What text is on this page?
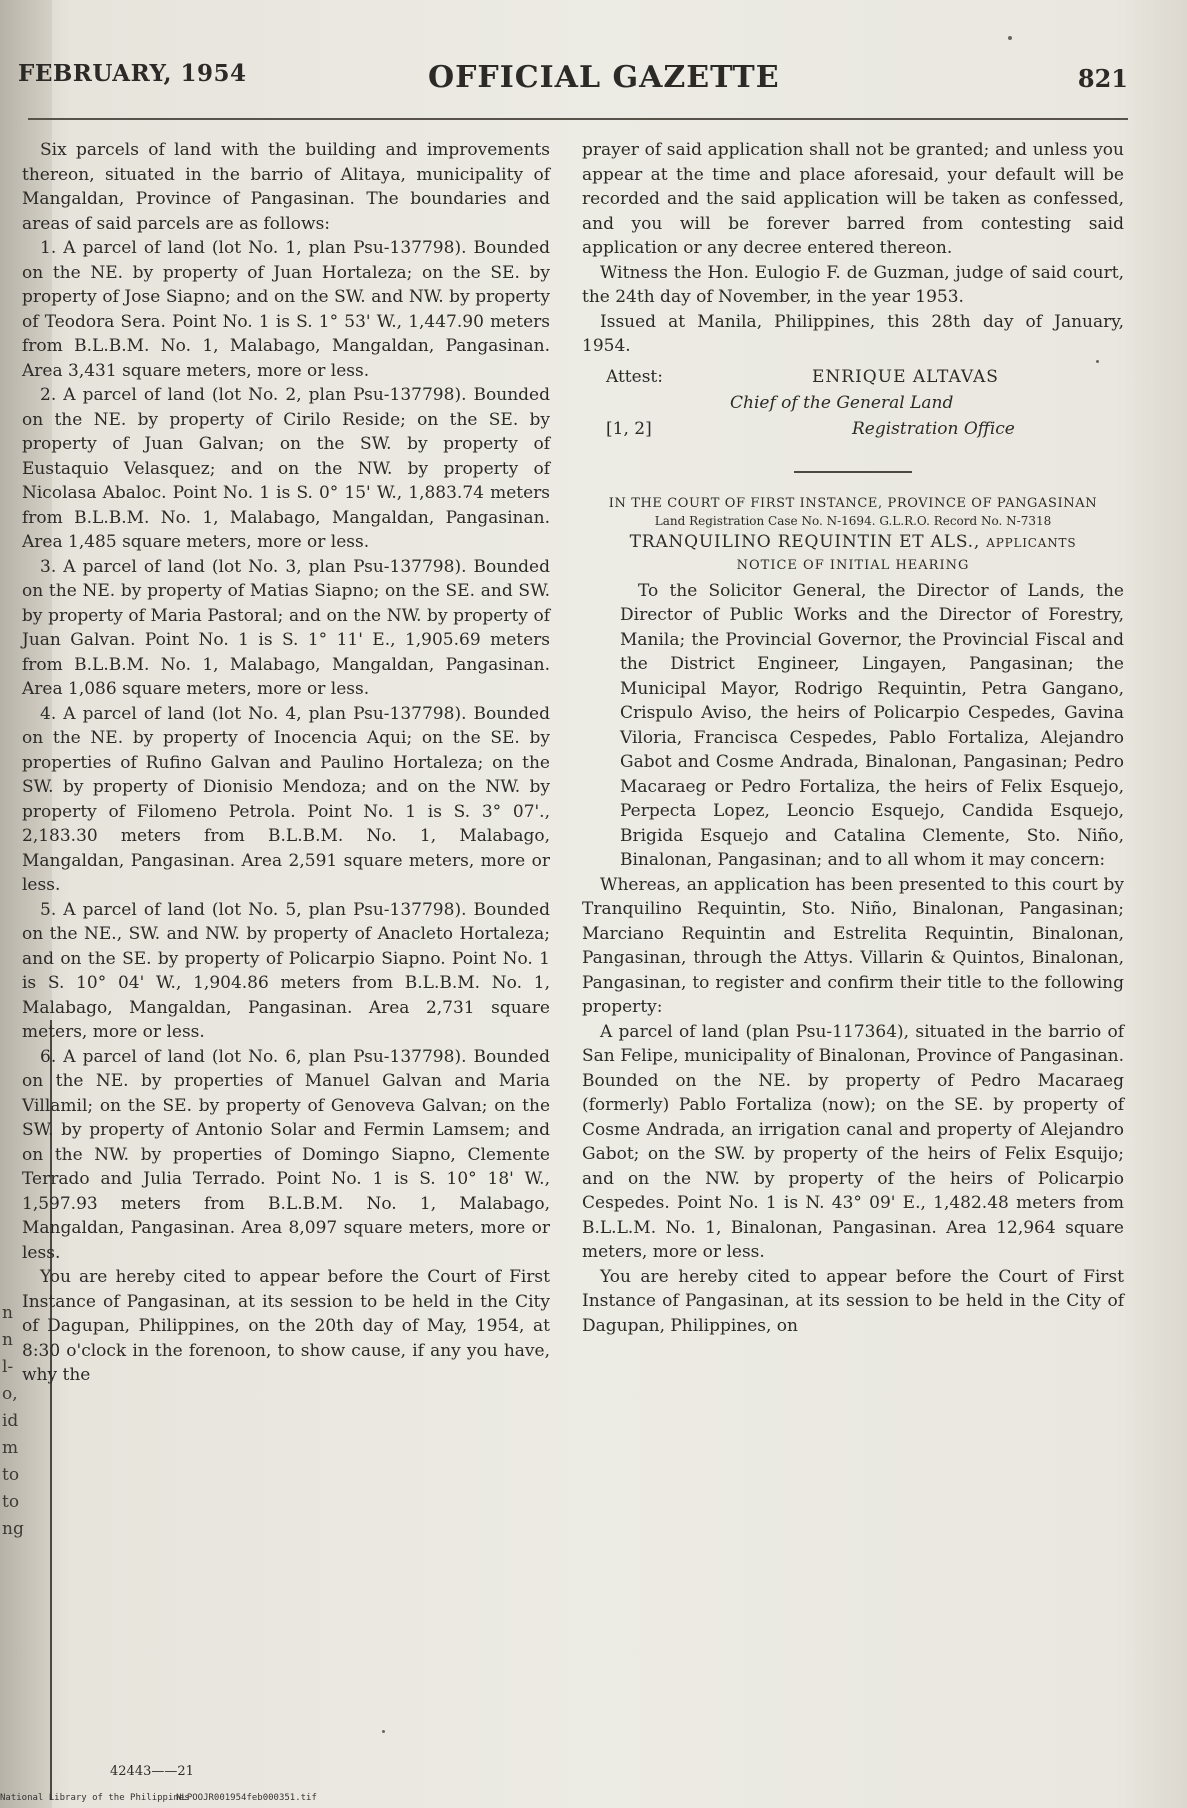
n
n
l-
o,
id
m
to
to
ng
FEBRUARY, 1954	OFFICIAL GAZETTE	821

Six parcels of land with the building and improvements thereon, situated in the barrio of Alitaya, municipality of Mangaldan, Province of Pangasinan. The boundaries and areas of said parcels are as follows:

1. A parcel of land (lot No. 1, plan Psu-137798). Bounded on the NE. by property of Juan Hortaleza; on the SE. by property of Jose Siapno; and on the SW. and NW. by property of Teodora Sera. Point No. 1 is S. 1° 53' W., 1,447.90 meters from B.L.B.M. No. 1, Malabago, Mangaldan, Pangasinan. Area 3,431 square meters, more or less.

2. A parcel of land (lot No. 2, plan Psu-137798). Bounded on the NE. by property of Cirilo Reside; on the SE. by property of Juan Galvan; on the SW. by property of Eustaquio Velasquez; and on the NW. by property of Nicolasa Abaloc. Point No. 1 is S. 0° 15' W., 1,883.74 meters from B.L.B.M. No. 1, Malabago, Mangaldan, Pangasinan. Area 1,485 square meters, more or less.

3. A parcel of land (lot No. 3, plan Psu-137798). Bounded on the NE. by property of Matias Siapno; on the SE. and SW. by property of Maria Pastoral; and on the NW. by property of Juan Galvan. Point No. 1 is S. 1° 11' E., 1,905.69 meters from B.L.B.M. No. 1, Malabago, Mangaldan, Pangasinan. Area 1,086 square meters, more or less.

4. A parcel of land (lot No. 4, plan Psu-137798). Bounded on the NE. by property of Inocencia Aqui; on the SE. by properties of Rufino Galvan and Paulino Hortaleza; on the SW. by property of Dionisio Mendoza; and on the NW. by property of Filomeno Petrola. Point No. 1 is S. 3° 07'., 2,183.30 meters from B.L.B.M. No. 1, Malabago, Mangaldan, Pangasinan. Area 2,591 square meters, more or less.

5. A parcel of land (lot No. 5, plan Psu-137798). Bounded on the NE., SW. and NW. by property of Anacleto Hortaleza; and on the SE. by property of Policarpio Siapno. Point No. 1 is S. 10° 04' W., 1,904.86 meters from B.L.B.M. No. 1, Malabago, Mangaldan, Pangasinan. Area 2,731 square meters, more or less.

6. A parcel of land (lot No. 6, plan Psu-137798). Bounded on the NE. by properties of Manuel Galvan and Maria Villamil; on the SE. by property of Genoveva Galvan; on the SW. by property of Antonio Solar and Fermin Lamsem; and on the NW. by properties of Domingo Siapno, Clemente Terrado and Julia Terrado. Point No. 1 is S. 10° 18' W., 1,597.93 meters from B.L.B.M. No. 1, Malabago, Mangaldan, Pangasinan. Area 8,097 square meters, more or less.

You are hereby cited to appear before the Court of First Instance of Pangasinan, at its session to be held in the City of Dagupan, Philippines, on the 20th day of May, 1954, at 8:30 o'clock in the forenoon, to show cause, if any you have, why the

prayer of said application shall not be granted; and unless you appear at the time and place aforesaid, your default will be recorded and the said application will be taken as confessed, and you will be forever barred from contesting said application or any decree entered thereon.

Witness the Hon. Eulogio F. de Guzman, judge of said court, the 24th day of November, in the year 1953.

Issued at Manila, Philippines, this 28th day of January, 1954.

Attest:	ENRIQUE ALTAVAS
Chief of the General Land
[1, 2]	Registration Office

IN THE COURT OF FIRST INSTANCE, PROVINCE OF PANGASINAN

Land Registration Case No. N-1694. G.L.R.O. Record No. N-7318

TRANQUILINO REQUINTIN ET ALS., applicants

NOTICE OF INITIAL HEARING

To the Solicitor General, the Director of Lands, the Director of Public Works and the Director of Forestry, Manila; the Provincial Governor, the Provincial Fiscal and the District Engineer, Lingayen, Pangasinan; the Municipal Mayor, Rodrigo Requintin, Petra Gangano, Crispulo Aviso, the heirs of Policarpio Cespedes, Gavina Viloria, Francisca Cespedes, Pablo Fortaliza, Alejandro Gabot and Cosme Andrada, Binalonan, Pangasinan; Pedro Macaraeg or Pedro Fortaliza, the heirs of Felix Esquejo, Perpecta Lopez, Leoncio Esquejo, Candida Esquejo, Brigida Esquejo and Catalina Clemente, Sto. Niño, Binalonan, Pangasinan; and to all whom it may concern:

Whereas, an application has been presented to this court by Tranquilino Requintin, Sto. Niño, Binalonan, Pangasinan; Marciano Requintin and Estrelita Requintin, Binalonan, Pangasinan, through the Attys. Villarin & Quintos, Binalonan, Pangasinan, to register and confirm their title to the following property:

A parcel of land (plan Psu-117364), situated in the barrio of San Felipe, municipality of Binalonan, Province of Pangasinan. Bounded on the NE. by property of Pedro Macaraeg (formerly) Pablo Fortaliza (now); on the SE. by property of Cosme Andrada, an irrigation canal and property of Alejandro Gabot; on the SW. by property of the heirs of Felix Esquijo; and on the NW. by property of the heirs of Policarpio Cespedes. Point No. 1 is N. 43° 09' E., 1,482.48 meters from B.L.L.M. No. 1, Binalonan, Pangasinan. Area 12,964 square meters, more or less.

You are hereby cited to appear before the Court of First Instance of Pangasinan, at its session to be held in the City of Dagupan, Philippines, on

42443——21
National Library of the Philippines
NLPOOJR001954feb000351.tif
